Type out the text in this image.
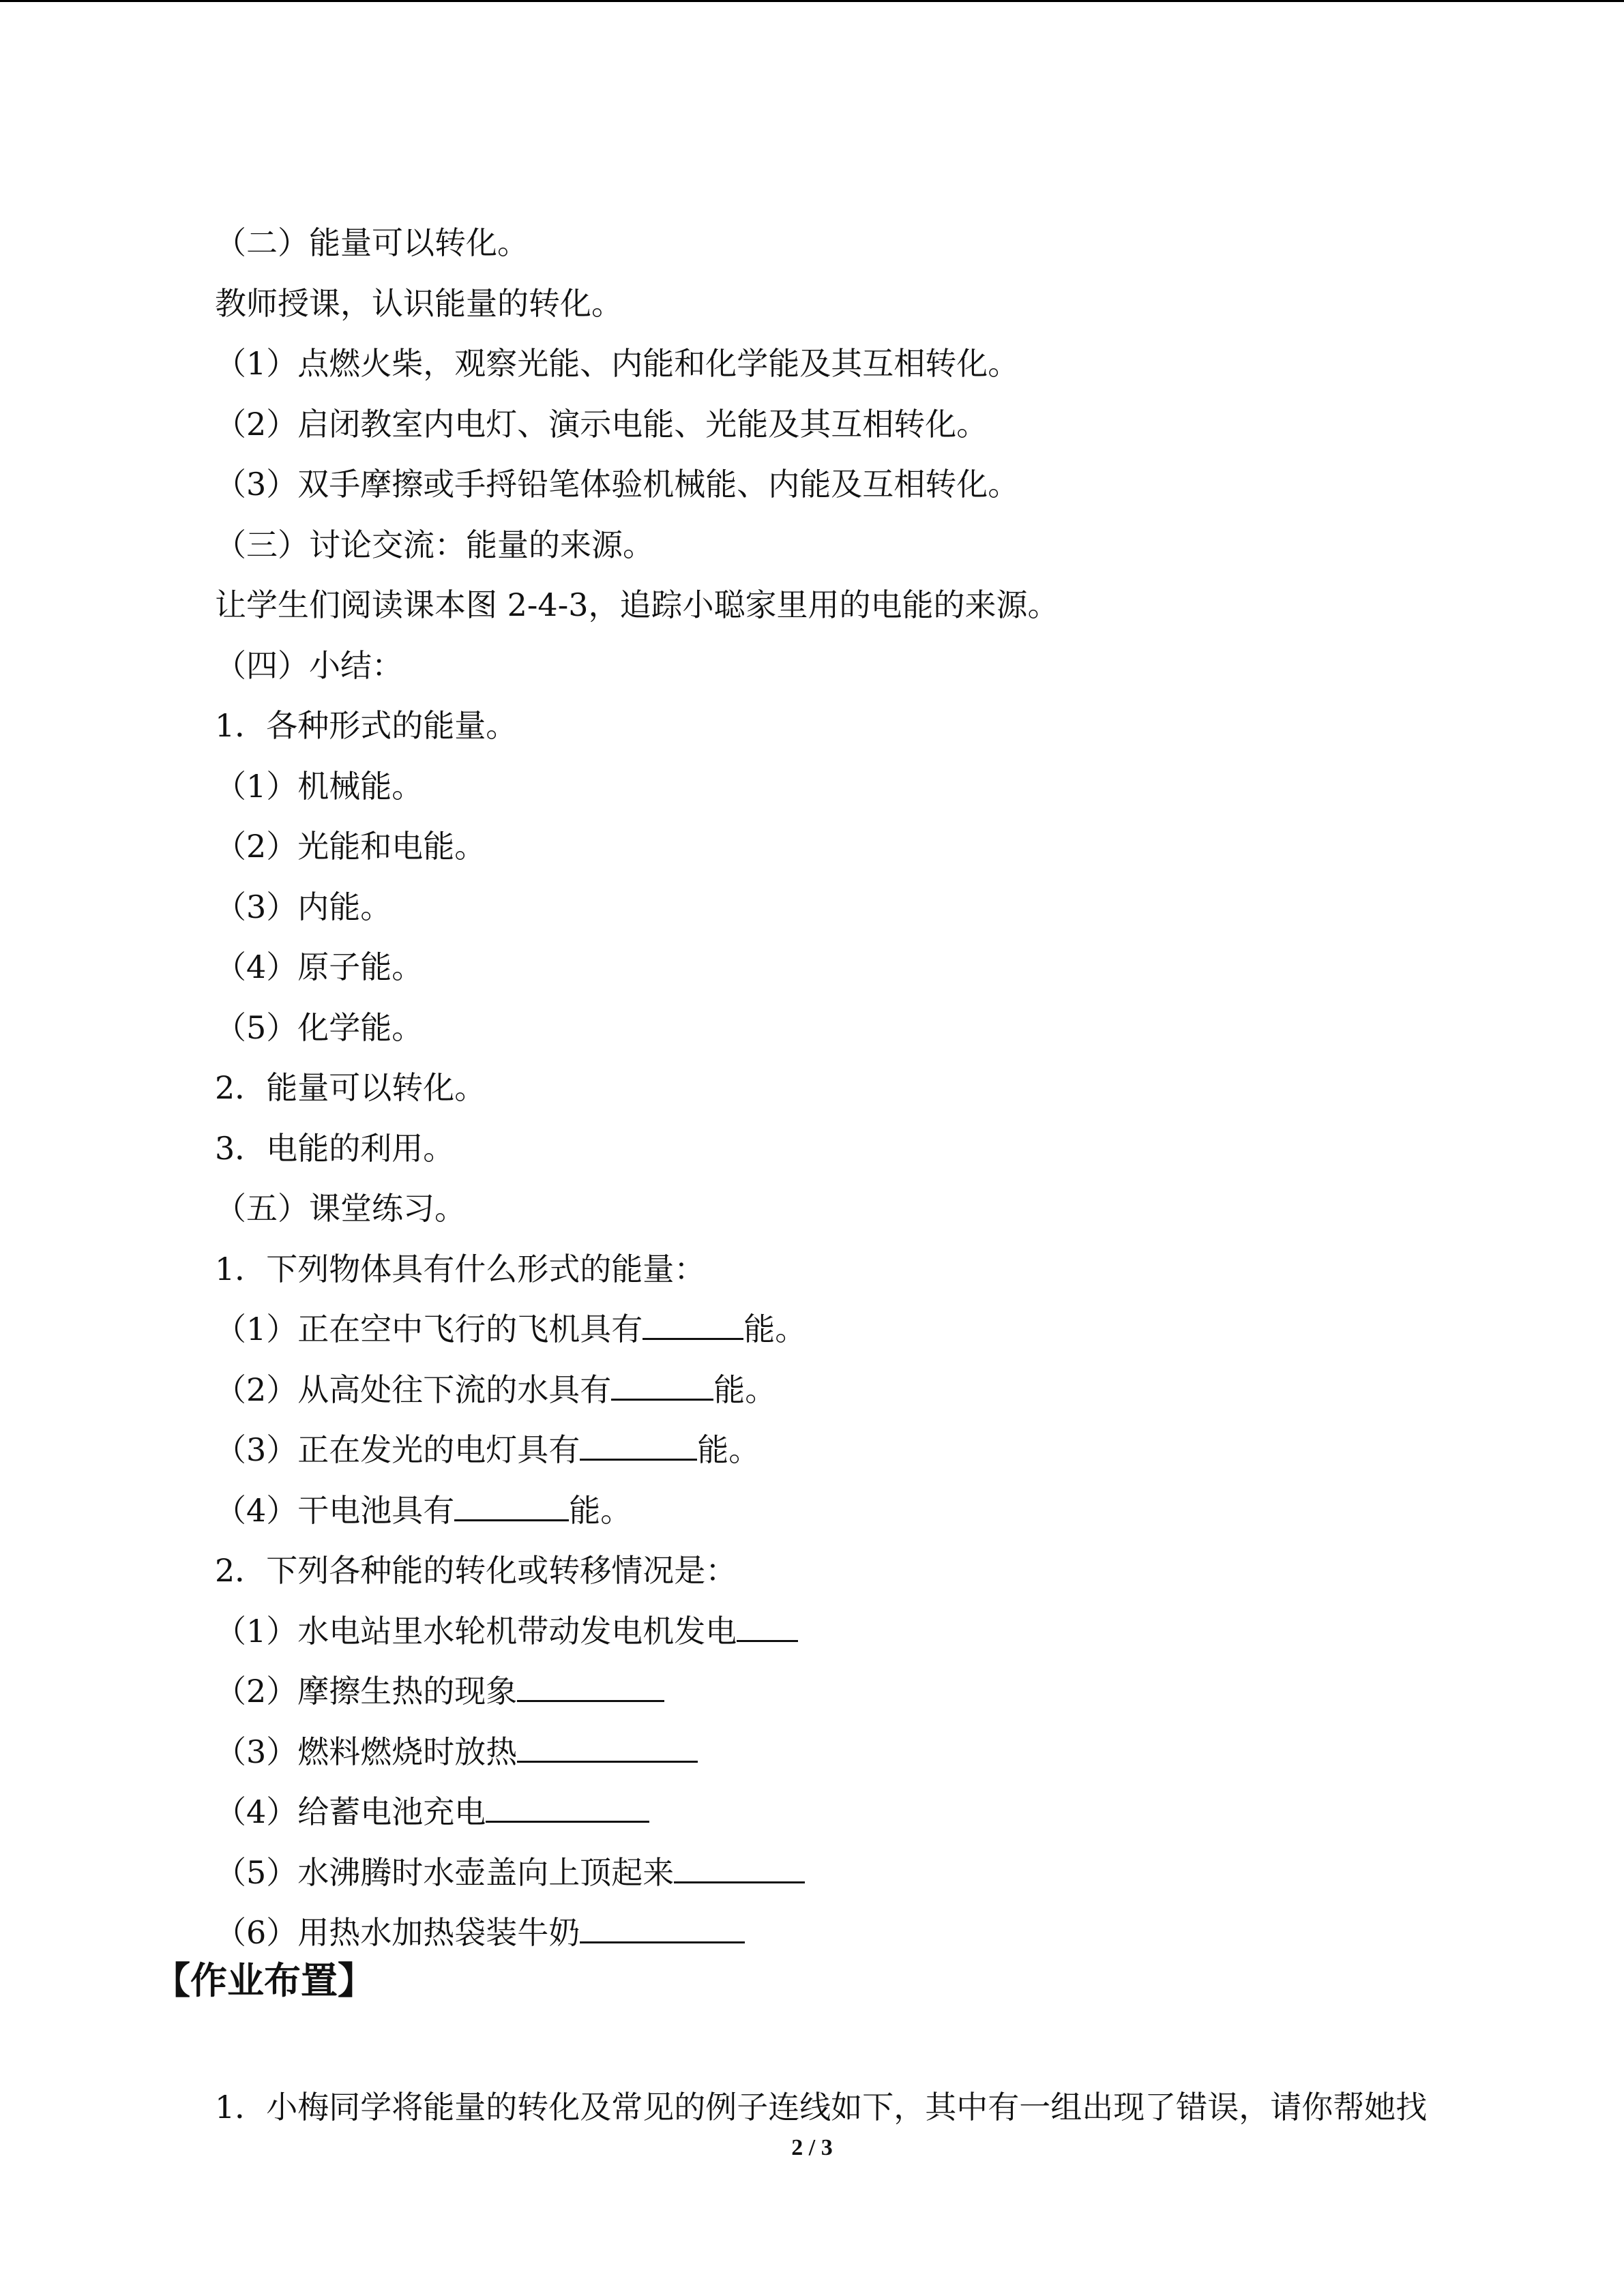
（二）能量可以转化。
教师授课，认识能量的转化。
（1）点燃火柴，观察光能、内能和化学能及其互相转化。
（2）启闭教室内电灯、演示电能、光能及其互相转化。
（3）双手摩擦或手捋铅笔体验机械能、内能及互相转化。
（三）讨论交流：能量的来源。
让学生们阅读课本图 2-4-3，追踪小聪家里用的电能的来源。
（四）小结：
1．各种形式的能量。
（1）机械能。
（2）光能和电能。
（3）内能。
（4）原子能。
（5）化学能。
2．能量可以转化。
3．电能的利用。
（五）课堂练习。
1．下列物体具有什么形式的能量：
（1）正在空中飞行的飞机具有	能。
（2）从高处往下流的水具有	能。
（3）正在发光的电灯具有	能。
（4）干电池具有	能。
2．下列各种能的转化或转移情况是：
（1）水电站里水轮机带动发电机发电
（2）摩擦生热的现象
（3）燃料燃烧时放热
（4）给蓄电池充电
（5）水沸腾时水壶盖向上顶起来
（6）用热水加热袋装牛奶
【作业布置】
1．小梅同学将能量的转化及常见的例子连线如下，其中有一组出现了错误，请你帮她找
2 / 3
